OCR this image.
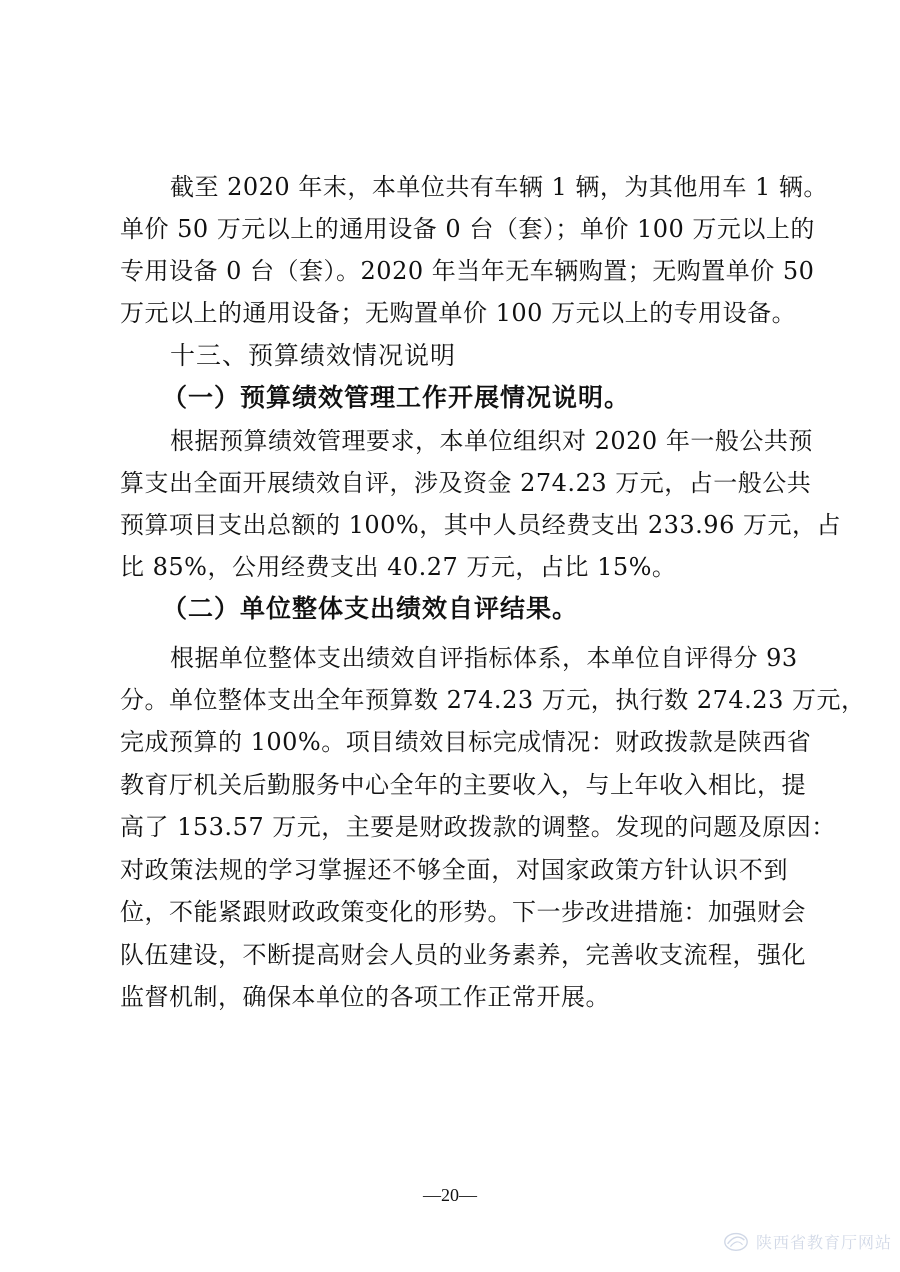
截至 2020 年末，本单位共有车辆 1 辆，为其他用车 1 辆。
单价 50 万元以上的通用设备 0 台（套）；单价 100 万元以上的
专用设备 0 台（套）。2020 年当年无车辆购置；无购置单价 50
万元以上的通用设备；无购置单价 100 万元以上的专用设备。
十三、预算绩效情况说明
（一）预算绩效管理工作开展情况说明。
根据预算绩效管理要求，本单位组织对 2020 年一般公共预
算支出全面开展绩效自评，涉及资金 274.23 万元，占一般公共
预算项目支出总额的 100%，其中人员经费支出 233.96 万元，占
比 85%，公用经费支出 40.27 万元，占比 15%。
（二）单位整体支出绩效自评结果。
根据单位整体支出绩效自评指标体系，本单位自评得分 93
分。单位整体支出全年预算数 274.23 万元，执行数 274.23 万元，
完成预算的 100%。项目绩效目标完成情况：财政拨款是陕西省
教育厅机关后勤服务中心全年的主要收入，与上年收入相比，提
高了 153.57 万元，主要是财政拨款的调整。发现的问题及原因：
对政策法规的学习掌握还不够全面，对国家政策方针认识不到
位，不能紧跟财政政策变化的形势。下一步改进措施：加强财会
队伍建设，不断提高财会人员的业务素养，完善收支流程，强化
监督机制，确保本单位的各项工作正常开展。
—20—
陕西省教育厅网站
